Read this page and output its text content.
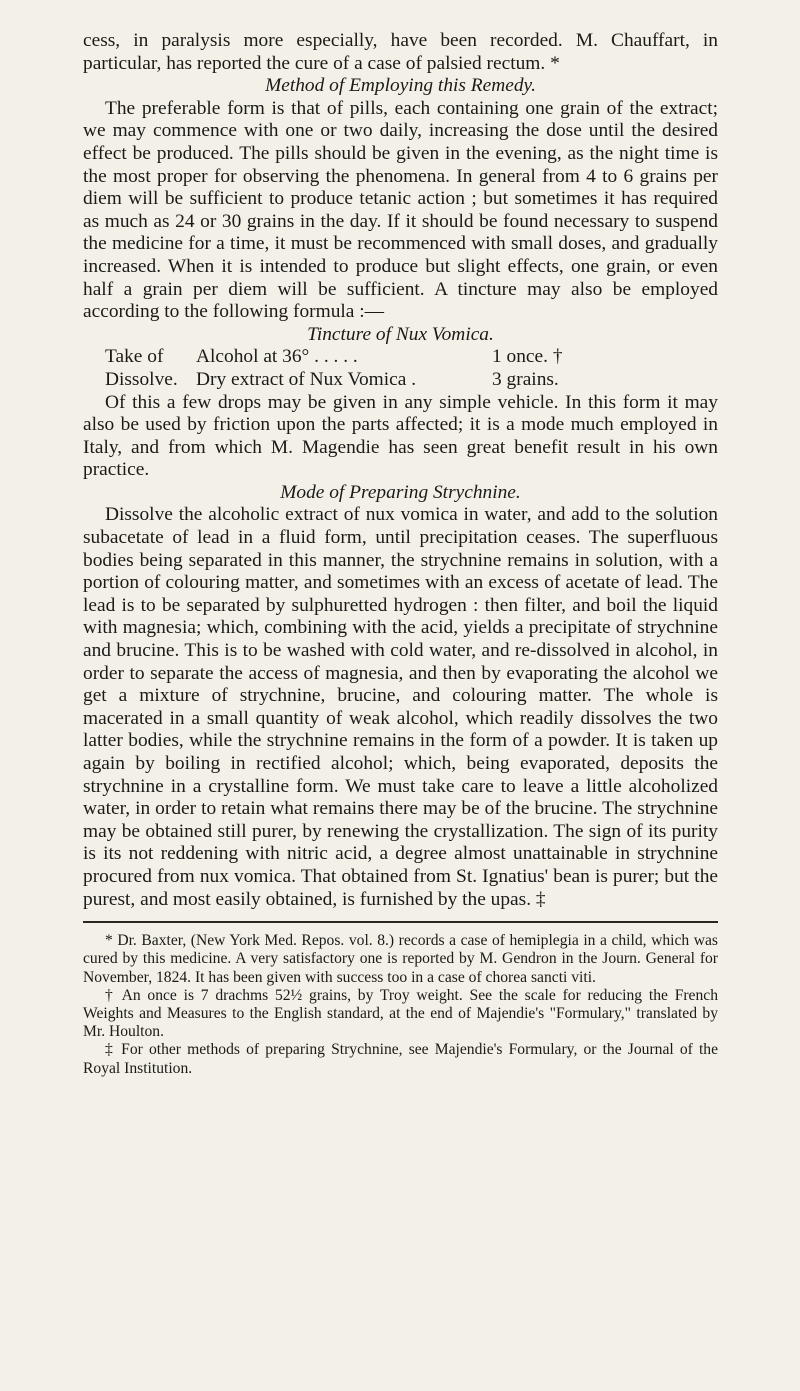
cess, in paralysis more especially, have been recorded. M. Chauffart, in particular, has reported the cure of a case of palsied rectum. *

Method of Employing this Remedy.

The preferable form is that of pills, each containing one grain of the extract; we may commence with one or two daily, increasing the dose until the desired effect be produced. The pills should be given in the evening, as the night time is the most proper for observing the phenomena. In general from 4 to 6 grains per diem will be sufficient to produce tetanic action ; but sometimes it has required as much as 24 or 30 grains in the day. If it should be found necessary to suspend the medicine for a time, it must be recommenced with small doses, and gradually increased. When it is intended to produce but slight effects, one grain, or even half a grain per diem will be sufficient. A tincture may also be employed according to the following formula :—

Tincture of Nux Vomica.

Take of	Alcohol at 36° . . . . .	1 once. †
Dissolve. Dry extract of Nux Vomica .	3 grains.

Of this a few drops may be given in any simple vehicle. In this form it may also be used by friction upon the parts affected; it is a mode much employed in Italy, and from which M. Magendie has seen great benefit result in his own practice.

Mode of Preparing Strychnine.

Dissolve the alcoholic extract of nux vomica in water, and add to the solution subacetate of lead in a fluid form, until precipitation ceases. The superfluous bodies being separated in this manner, the strychnine remains in solution, with a portion of colouring matter, and sometimes with an excess of acetate of lead. The lead is to be separated by sulphuretted hydrogen : then filter, and boil the liquid with magnesia; which, combining with the acid, yields a precipitate of strychnine and brucine. This is to be washed with cold water, and re-dissolved in alcohol, in order to separate the access of magnesia, and then by evaporating the alcohol we get a mixture of strychnine, brucine, and colouring matter. The whole is macerated in a small quantity of weak alcohol, which readily dissolves the two latter bodies, while the strychnine remains in the form of a powder. It is taken up again by boiling in rectified alcohol; which, being evaporated, deposits the strychnine in a crystalline form. We must take care to leave a little alcoholized water, in order to retain what remains there may be of the brucine. The strychnine may be obtained still purer, by renewing the crystallization. The sign of its purity is its not reddening with nitric acid, a degree almost unattainable in strychnine procured from nux vomica. That obtained from St. Ignatius' bean is purer; but the purest, and most easily obtained, is furnished by the upas. ‡

* Dr. Baxter, (New York Med. Repos. vol. 8.) records a case of hemiplegia in a child, which was cured by this medicine. A very satisfactory one is reported by M. Gendron in the Journ. General for November, 1824. It has been given with success too in a case of chorea sancti viti.

† An once is 7 drachms 52½ grains, by Troy weight. See the scale for reducing the French Weights and Measures to the English standard, at the end of Majendie's "Formulary," translated by Mr. Houlton.

‡ For other methods of preparing Strychnine, see Majendie's Formulary, or the Journal of the Royal Institution.
